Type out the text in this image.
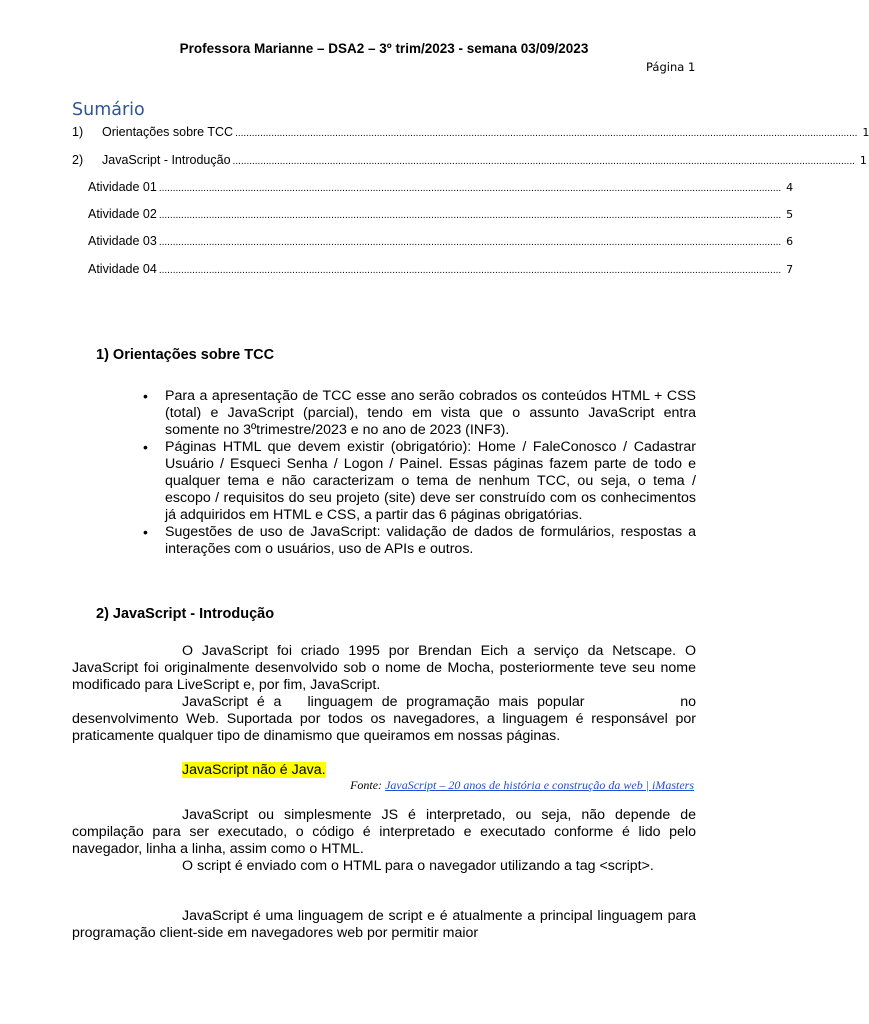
Professora Marianne – DSA2 – 3º trim/2023 - semana 03/09/2023
Página 1
Sumário
1)	Orientações sobre TCC ................................................................................................................................................................................................................................ 1
2)	JavaScript - Introdução ................................................................................................................................................................................................................................ 1
Atividade 01 ................................................................................................................................................................................................................................ 4
Atividade 02 ................................................................................................................................................................................................................................ 5
Atividade 03 ................................................................................................................................................................................................................................ 6
Atividade 04 ................................................................................................................................................................................................................................ 7
1) Orientações sobre TCC
• Para a apresentação de TCC esse ano serão cobrados os conteúdos HTML + CSS (total) e JavaScript (parcial), tendo em vista que o assunto JavaScript entra somente no 3ºtrimestre/2023 e no ano de 2023 (INF3).
• Páginas HTML que devem existir (obrigatório): Home / FaleConosco / Cadastrar Usuário / Esqueci Senha / Logon / Painel. Essas páginas fazem parte de todo e qualquer tema e não caracterizam o tema de nenhum TCC, ou seja, o tema / escopo / requisitos do seu projeto (site) deve ser construído com os conhecimentos já adquiridos em HTML e CSS, a partir das 6 páginas obrigatórias.
• Sugestões de uso de JavaScript: validação de dados de formulários, respostas a interações com o usuários, uso de APIs e outros.
2) JavaScript - Introdução

O JavaScript foi criado 1995 por Brendan Eich a serviço da Netscape. O JavaScript foi originalmente desenvolvido sob o nome de Mocha, posteriormente teve seu nome modificado para LiveScript e, por fim, JavaScript.

JavaScript é a   linguagem de programação mais popular           no desenvolvimento Web. Suportada por todos os navegadores, a linguagem é responsável por praticamente qualquer tipo de dinamismo que queiramos em nossas páginas.

JavaScript não é Java.
Fonte: JavaScript – 20 anos de história e construção da web | iMasters

JavaScript ou simplesmente JS é interpretado, ou seja, não depende de compilação para ser executado, o código é interpretado e executado conforme é lido pelo navegador, linha a linha, assim como o HTML.

O script é enviado com o HTML para o navegador utilizando a tag <script>.

JavaScript é uma linguagem de script e é atualmente a principal linguagem para programação client-side em navegadores web por permitir maior
